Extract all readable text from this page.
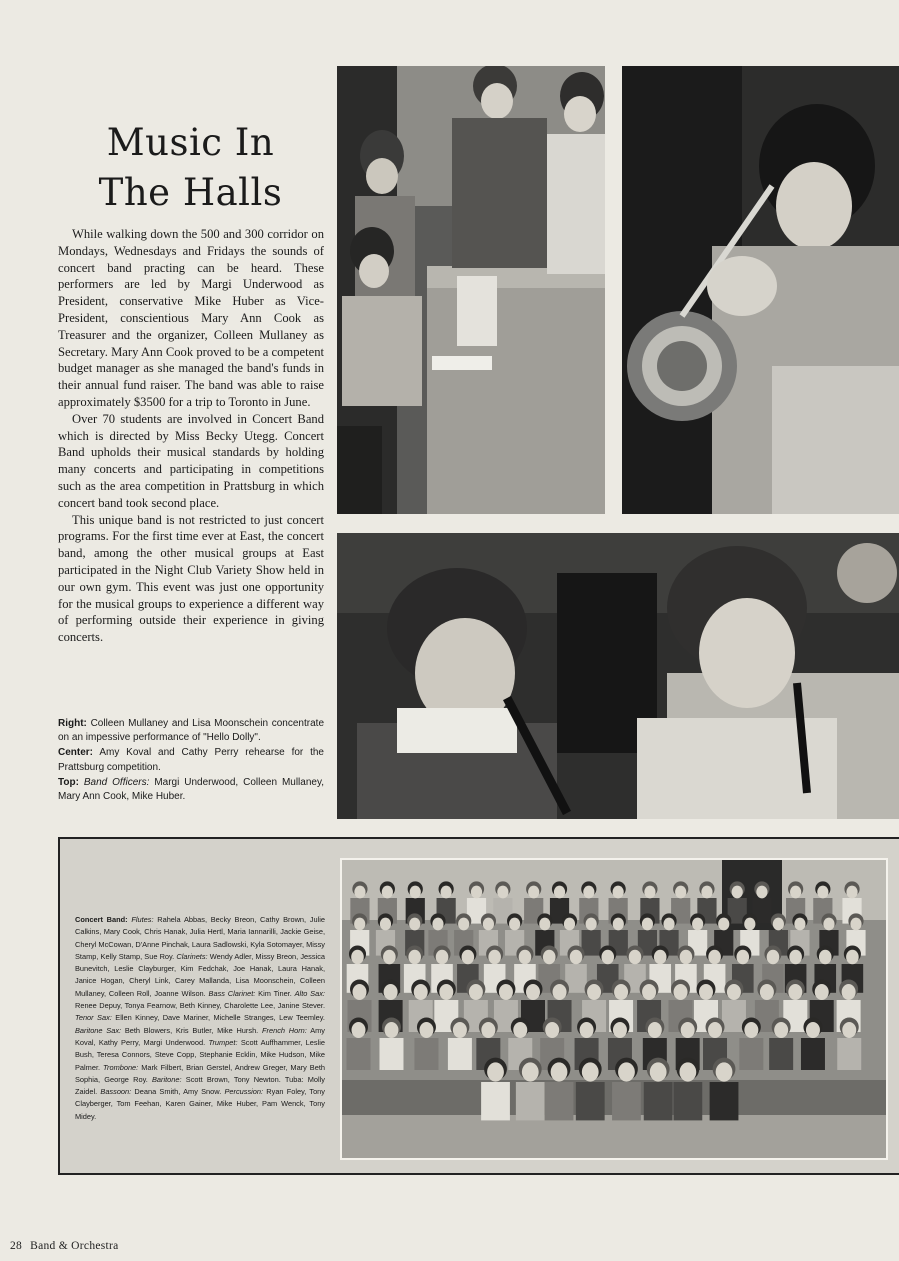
Music In
The Halls

While walking down the 500 and 300 corridor on Mondays, Wednesdays and Fridays the sounds of concert band practing can be heard. These performers are led by Margi Underwood as President, conservative Mike Huber as Vice-President, conscientious Mary Ann Cook as Treasurer and the organizer, Colleen Mullaney as Secretary. Mary Ann Cook proved to be a competent budget manager as she managed the band's funds in their annual fund raiser. The band was able to raise approximately $3500 for a trip to Toronto in June.

Over 70 students are involved in Concert Band which is directed by Miss Becky Utegg. Concert Band upholds their musical standards by holding many concerts and participating in competitions such as the area competition in Prattsburg in which concert band took second place.

This unique band is not restricted to just concert programs. For the first time ever at East, the concert band, among the other musical groups at East participated in the Night Club Variety Show held in our own gym. This event was just one opportunity for the musical groups to experience a different way of performing outside their experience in giving concerts.

Right: Colleen Mullaney and Lisa Moonschein concentrate on an impessive performance of "Hello Dolly".

Center: Amy Koval and Cathy Perry rehearse for the Prattsburg competition.

Top: Band Officers: Margi Underwood, Colleen Mullaney, Mary Ann Cook, Mike Huber.

Concert Band: Flutes: Rahela Abbas, Becky Breon, Cathy Brown, Julie Calkins, Mary Cook, Chris Hanak, Julia Hertl, Maria Iannarilli, Jackie Geise, Cheryl McCowan, D'Anne Pinchak, Laura Sadlowski, Kyla Sotomayer, Missy Stamp, Kelly Stamp, Sue Roy. Clarinets: Wendy Adler, Missy Breon, Jessica Bunevitch, Leslie Clayburger, Kim Fedchak, Joe Hanak, Laura Hanak, Janice Hogan, Cheryl Link, Carey Mallanda, Lisa Moonschein, Colleen Mullaney, Colleen Roll, Joanne Wilson. Bass Clarinet: Kim Tiner. Alto Sax: Renee Depuy, Tonya Fearnow, Beth Kinney, Charolette Lee, Janine Stever. Tenor Sax: Ellen Kinney, Dave Mariner, Michelle Stranges, Lew Teemley. Baritone Sax: Beth Blowers, Kris Butler, Mike Hursh. French Horn: Amy Koval, Kathy Perry, Margi Underwood. Trumpet: Scott Auffhammer, Leslie Bush, Teresa Connors, Steve Copp, Stephanie Ecklin, Mike Hudson, Mike Palmer. Trombone: Mark Filbert, Brian Gerstel, Andrew Greger, Mary Beth Sophia, George Roy. Baritone: Scott Brown, Tony Newton. Tuba: Molly Zaidel. Bassoon: Deana Smith, Amy Snow. Percussion: Ryan Foley, Tony Clayberger, Tom Feehan, Karen Gainer, Mike Huber, Pam Wenck, Tony Midey.
28 Band & Orchestra
